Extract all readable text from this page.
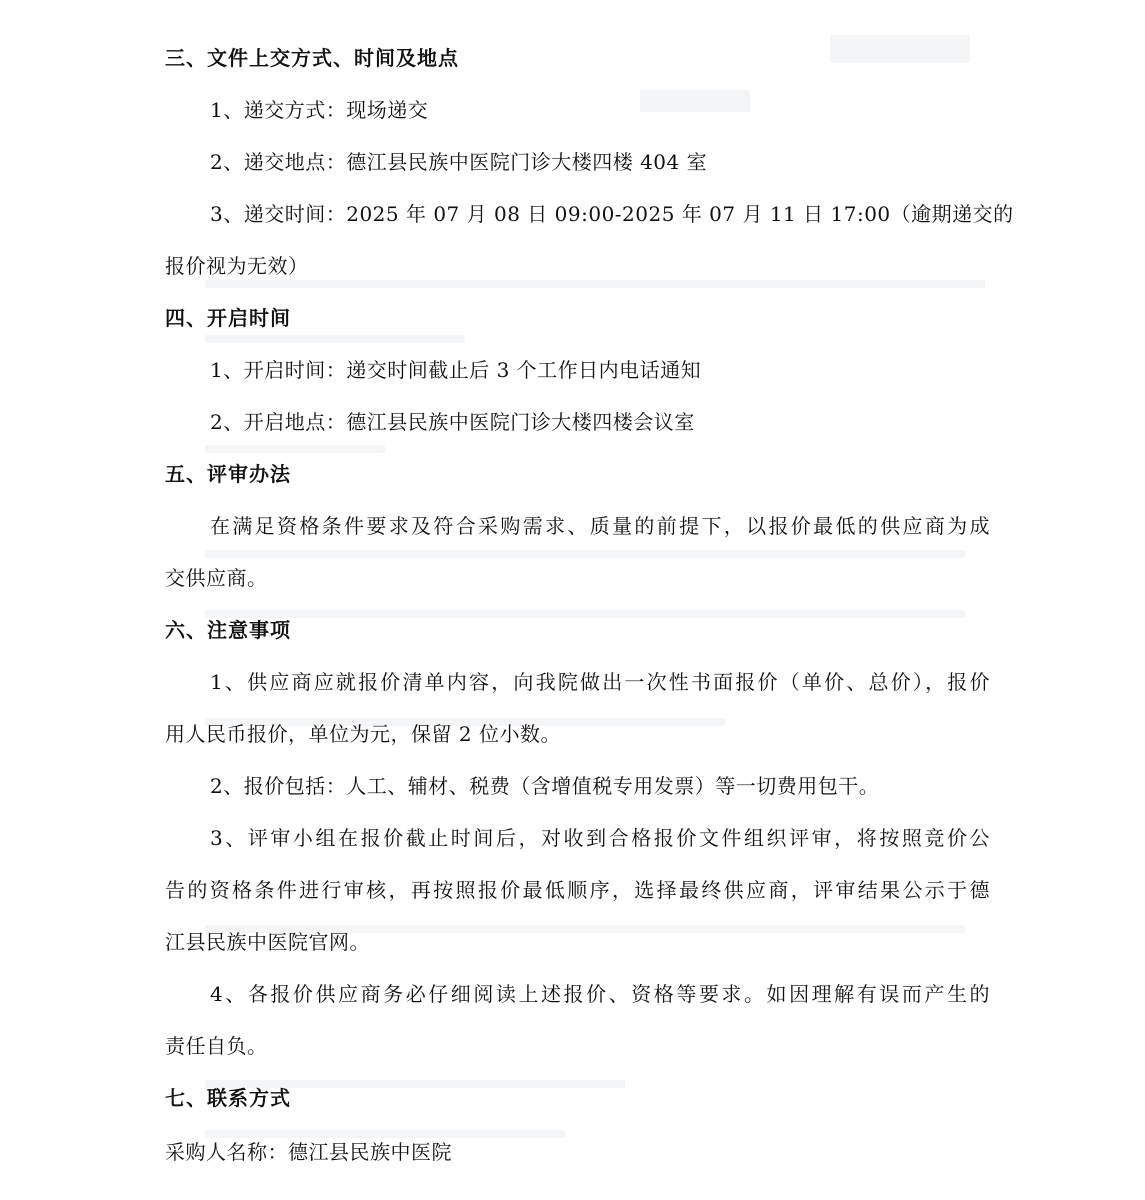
三、文件上交方式、时间及地点
1、递交方式：现场递交
2、递交地点：德江县民族中医院门诊大楼四楼 404 室
3、递交时间：2025 年 07 月 08 日 09:00-2025 年 07 月 11 日 17:00（逾期递交的
报价视为无效）
四、开启时间
1、开启时间：递交时间截止后 3 个工作日内电话通知
2、开启地点：德江县民族中医院门诊大楼四楼会议室
五、评审办法
在满足资格条件要求及符合采购需求、质量的前提下，以报价最低的供应商为成
交供应商。
六、注意事项
1、供应商应就报价清单内容，向我院做出一次性书面报价（单价、总价），报价
用人民币报价，单位为元，保留 2 位小数。
2、报价包括：人工、辅材、税费（含增值税专用发票）等一切费用包干。
3、评审小组在报价截止时间后，对收到合格报价文件组织评审，将按照竞价公
告的资格条件进行审核，再按照报价最低顺序，选择最终供应商，评审结果公示于德
江县民族中医院官网。
4、各报价供应商务必仔细阅读上述报价、资格等要求。如因理解有误而产生的
责任自负。
七、联系方式
采购人名称：德江县民族中医院
